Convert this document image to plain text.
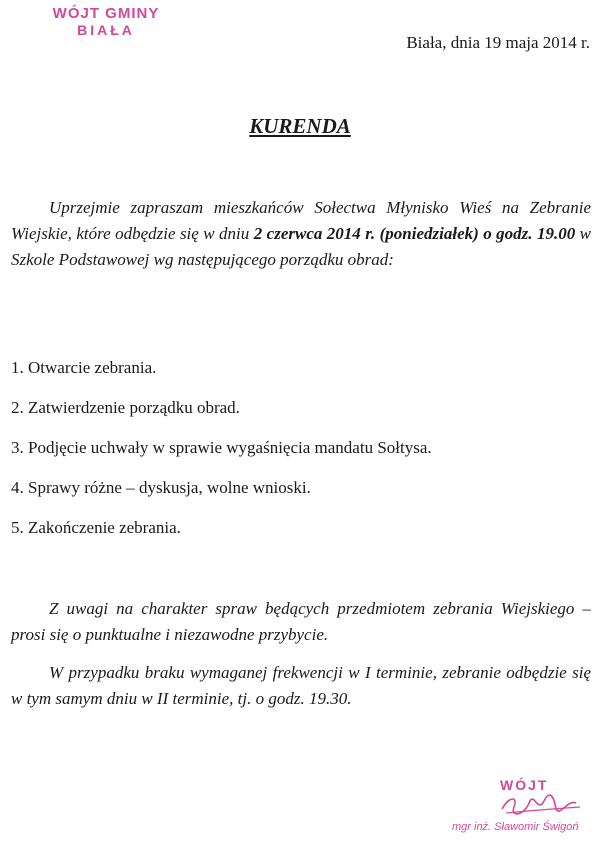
WÓJT GMINY
BIAŁA
Biała, dnia 19 maja 2014 r.
KURENDA

Uprzejmie zapraszam mieszkańców Sołectwa Młynisko Wieś na Zebranie Wiejskie, które odbędzie się w dniu 2 czerwca 2014 r. (poniedziałek) o godz. 19.00 w Szkole Podstawowej wg następującego porządku obrad:

1. Otwarcie zebrania.
2. Zatwierdzenie porządku obrad.
3. Podjęcie uchwały w sprawie wygaśnięcia mandatu Sołtysa.
4. Sprawy różne – dyskusja, wolne wnioski.
5. Zakończenie zebrania.

Z uwagi na charakter spraw będących przedmiotem zebrania Wiejskiego – prosi się o punktualne i niezawodne przybycie.

W przypadku braku wymaganej frekwencji w I terminie, zebranie odbędzie się w tym samym dniu w II terminie, tj. o godz. 19.30.

WÓJT
mgr inż. Sławomir Świgoń
